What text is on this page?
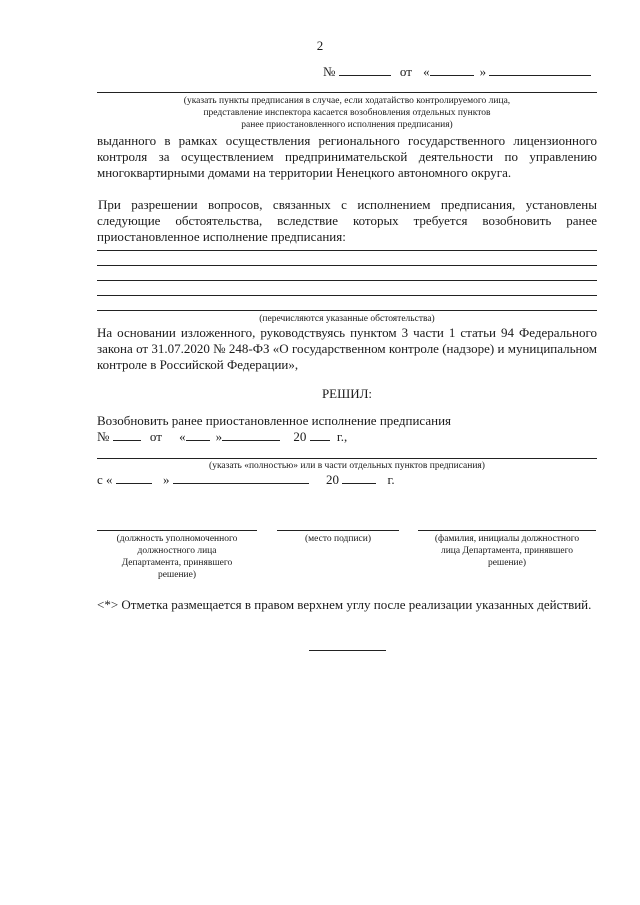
2
№	от «	»
(указать пункты предписания в случае, если ходатайство контролируемого лица,
представление инспектора касается возобновления отдельных пунктов
ранее приостановленного исполнения предписания)
выданного в рамках осуществления регионального государственного лицензионного
контроля за осуществлением предпринимательской деятельности по управлению
многоквартирными домами на территории Ненецкого автономного округа.
При разрешении вопросов, связанных с исполнением предписания, установлены
следующие обстоятельства, вследствие которых требуется возобновить ранее
приостановленное исполнение предписания:
(перечисляются указанные обстоятельства)
На основании изложенного, руководствуясь пунктом 3 части 1 статьи 94 Федерального
закона от 31.07.2020 № 248-ФЗ «О государственном контроле (надзоре) и муниципальном
контроле в Российской Федерации»,
РЕШИЛ:
Возобновить ранее приостановленное исполнение предписания
№	от « »	20 г.,
(указать «полностью» или в части отдельных пунктов предписания)
с «	»	20	г.
(должность уполномоченного
должностного лица
Департамента, принявшего
решение)
(место подписи)	(фамилия, инициалы должностного
лица Департамента, принявшего
решение)
<*> Отметка размещается в правом верхнем углу после реализации указанных действий.
